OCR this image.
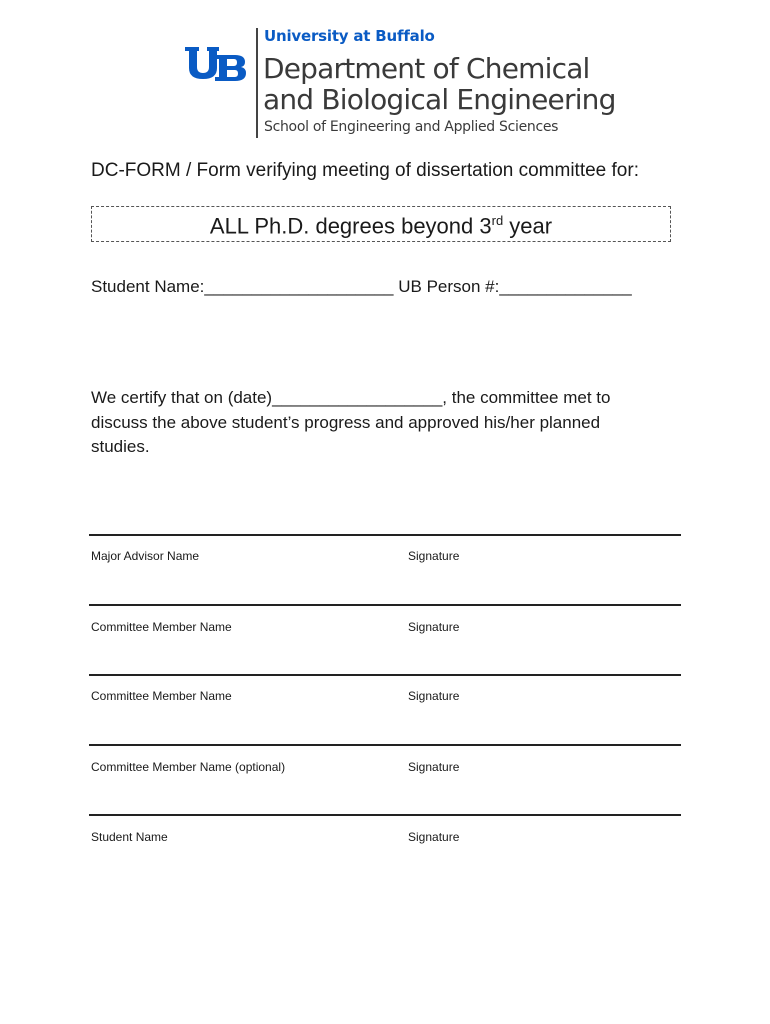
University at Buffalo
Department of Chemical
and Biological Engineering
School of Engineering and Applied Sciences
DC-FORM / Form verifying meeting of dissertation committee for:
ALL Ph.D. degrees beyond 3rd year
Student Name:____________________ UB Person #:______________
We certify that on (date)__________________, the committee met to discuss the above student’s progress and approved his/her planned studies.
Major Advisor Name	Signature
Committee Member Name	Signature
Committee Member Name	Signature
Committee Member Name (optional)	Signature
Student Name	Signature
